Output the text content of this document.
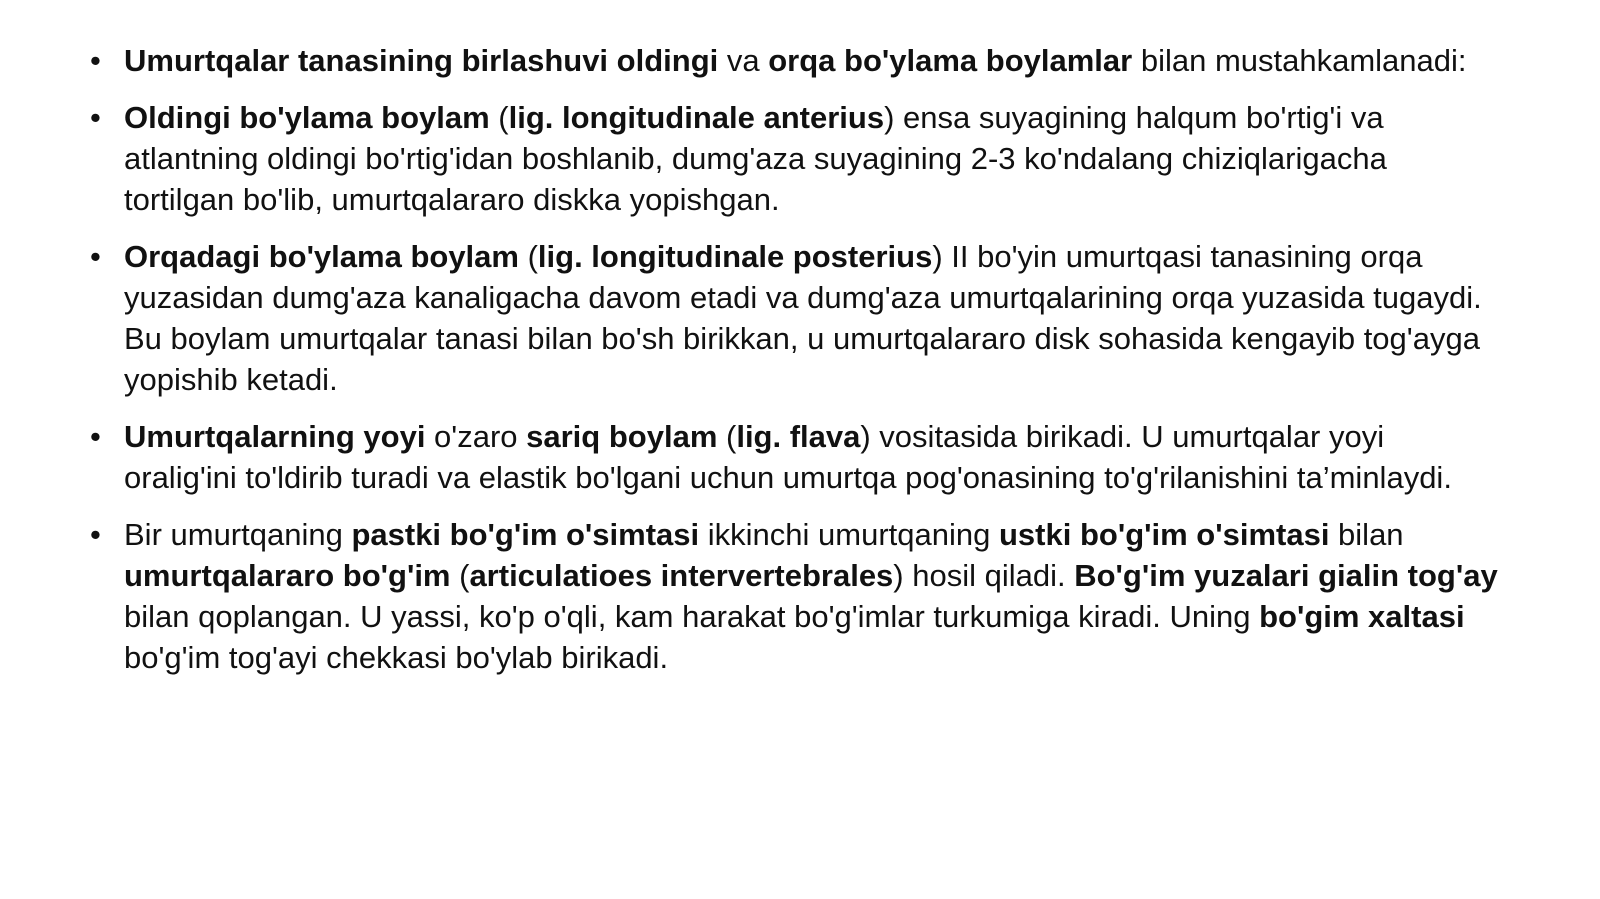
• Umurtqalar tanasining birlashuvi oldingi va orqa bo'ylama boylamlar bilan mustahkamlanadi:
• Oldingi bo'ylama boylam (lig. longitudinale anterius) ensa suyagining halqum bo'rtig'i va atlantning oldingi bo'rtig'idan boshlanib, dumg'aza suyagining 2-3 ko'ndalang chiziqlarigacha tortilgan bo'lib, umurtqalararo diskka yopishgan.
• Orqadagi bo'ylama boylam (lig. longitudinale posterius) II bo'yin umurtqasi tanasining orqa yuzasidan dumg'aza kanaligacha davom etadi va dumg'aza umurtqalarining orqa yuzasida tugaydi. Bu boylam umurtqalar tanasi bilan bo'sh birikkan, u umurtqalararo disk sohasida kengayib tog'ayga yopishib ketadi.
• Umurtqalarning yoyi o'zaro sariq boylam (lig. flava) vositasida birikadi. U umurtqalar yoyi oralig'ini to'ldirib turadi va elastik bo'lgani uchun umurtqa pog'onasining to'g'rilanishini ta’minlaydi.
• Bir umurtqaning pastki bo'g'im o'simtasi ikkinchi umurtqaning ustki bo'g'im o'simtasi bilan umurtqalararo bo'g'im (articulatioes intervertebrales) hosil qiladi. Bo'g'im yuzalari gialin tog'ay bilan qoplangan. U yassi, ko'p o'qli, kam harakat bo'g'imlar turkumiga kiradi. Uning bo'gim xaltasi bo'g'im tog'ayi chekkasi bo'ylab birikadi.
